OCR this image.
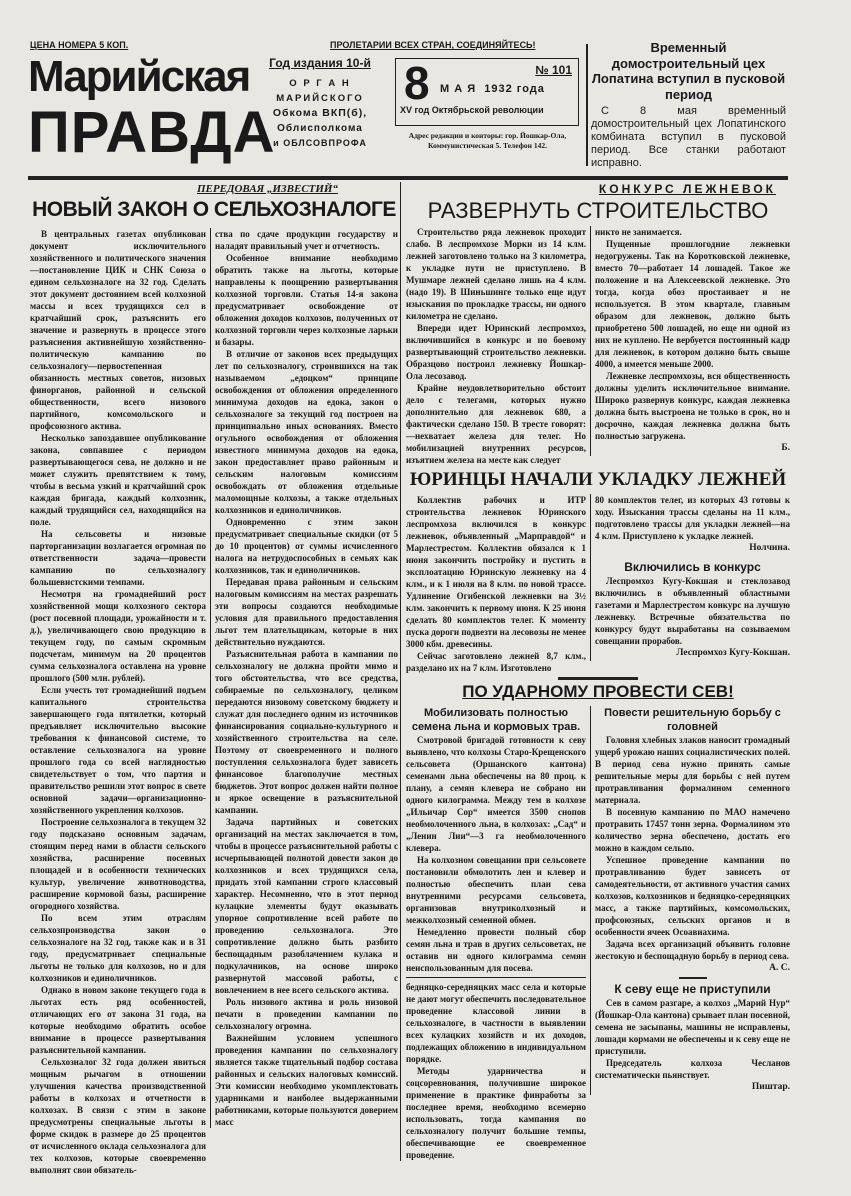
ЦЕНА НОМЕРА 5 КОП.	ПРОЛЕТАРИИ ВСЕХ СТРАН, СОЕДИНЯЙТЕСЬ!
Марийская
ПРАВДА
Год издания 10-й
О Р Г А Н
МАРИЙСКОГО
Обкома ВКП(б),
Облисполкома
и ОБЛСОВПРОФА
8	№ 101
М А Я  1932 года
XV год Октябрьской революции
Адрес редакции и конторы: гор. Йошкар-Ола, Коммунистическая 5. Телефон 142.
Временный домостроительный цех Лопатина вступил в пусковой период
С 8 мая временный домостроительный цех Лопатинского комбината вступил в пусковой период. Все станки работают исправно.
ПЕРЕДОВАЯ „ИЗВЕСТИЙ“
НОВЫЙ ЗАКОН О СЕЛЬХОЗНАЛОГЕ

В центральных газетах опубликован документ исключительного хозяйственного и политического значения—постановление ЦИК и СНК Союза о едином сельхозналоге на 32 год. Сделать этот документ достоянием всей колхозной массы и всех трудящихся сел в кратчайший срок, разъяснить его значение и развернуть в процессе этого разъяснения активнейшую хозяйственно-политическую кампанию по сельхозналогу—первостепенная обязанность местных советов, низовых финорганов, районной и сельской общественности, всего низового партийного, комсомольского и профсоюзного актива.

Несколько запоздавшее опубликование закона, совпавшее с периодом развертывающегося сева, не должно и не может служить препятствием к тому, чтобы в весьма узкий и кратчайший срок каждая бригада, каждый колхозник, каждый трудящийся сел, находящийся на поле.

На сельсоветы и низовые парторганизации возлагается огромная по ответственности задача—провести кампанию по сельхозналогу большевистскими темпами.

Несмотря на громаднейший рост хозяйственной мощи колхозного сектора (рост посевной площади, урожайности и т. д.), увеличивающего свою продукцию в текущем году, по самым скромным подсчетам, минимум на 20 процентов сумма сельхозналога оставлена на уровне прошлого (500 млн. рублей).

Если учесть тот громаднейший подъем капитального строительства завершающего года пятилетки, который предъявляет исключительно высокие требования к финансовой системе, то оставление сельхозналога на уровне прошлого года со всей наглядностью свидетельствует о том, что партия и правительство решили этот вопрос в свете основной задачи—организационно-хозяйственного укрепления колхозов.

Построение сельхозналога в текущем 32 году подсказано основным задачам, стоящим перед нами в области сельского хозяйства, расширение посевных площадей и в особенности технических культур, увеличение животноводства, расширение кормовой базы, расширение огородного хозяйства.

По всем этим отраслям сельхозпроизводства закон о сельхозналоге на 32 год, также как и в 31 году, предусматривает специальные льготы не только для колхозов, но и для колхозников и единоличников.

Однако в новом законе текущего года в льготах есть ряд особенностей, отличающих его от закона 31 года, на которые необходимо обратить особое внимание в процессе развертывания разъяснительной кампании.

Сельхозналог 32 года должен явиться мощным рычагом в отношении улучшения качества производственной работы в колхозах и отчетности в колхозах. В связи с этим в законе предусмотрены специальные льготы в форме скидок в размере до 25 процентов от исчисленного оклада сельхозналога для тех колхозов, которые своевременно выполнят свои обязатель-

ства по сдаче продукции государству и наладят правильный учет и отчетность.

Особенное внимание необходимо обратить также на льготы, которые направлены к поощрению развертывания колхозной торговли. Статья 14-я закона предусматривает освобождение от обложения доходов колхозов, полученных от колхозной торговли через колхозные ларьки и базары.

В отличие от законов всех предыдущих лет по сельхозналогу, строившихся на так называемом „едоцком“ принципе освобождения от обложения определенного минимума доходов на едока, закон о сельхозналоге за текущий год построен на принципиально иных основаниях. Вместо огульного освобождения от обложения известного минимума доходов на едока, закон предоставляет право районным и сельским налоговым комиссиям освобождать от обложения отдельные маломощные колхозы, а также отдельных колхозников и единоличников.

Одновременно с этим закон предусматривает специальные скидки (от 5 до 10 процентов) от суммы исчисленного налога на нетрудоспособных в семьях как колхозников, так и единоличников.

Передавая права районным и сельским налоговым комиссиям на местах разрешать эти вопросы создаются необходимые условия для правильного предоставления льгот тем плательщикам, которые в них действительно нуждаются.

Разъяснительная работа в кампании по сельхозналогу не должна пройти мимо и того обстоятельства, что все средства, собираемые по сельхозналогу, целиком передаются низовому советскому бюджету и служат для последнего одним из источников финансирования социально-культурного и хозяйственного строительства на селе. Поэтому от своевременного и полного поступления сельхозналога будет зависеть финансовое благополучие местных бюджетов. Этот вопрос должен найти полное и яркое освещение в разъяснительной кампании.

Задача партийных и советских организаций на местах заключается в том, чтобы в процессе разъяснительной работы с исчерпывающей полнотой довести закон до колхозников и всех трудящихся села, придать этой кампании строго классовый характер. Несомненно, что в этот период кулацкие элементы будут оказывать упорное сопротивление всей работе по проведению сельхозналога. Это сопротивление должно быть разбито беспощадным разоблачением кулака и подкулачников, на основе широко развернутой массовой работы, с вовлечением в нее всего сельского актива.

Роль низового актива и роль низовой печати в проведении кампании по сельхозналогу огромна.

Важнейшим условием успешного проведения кампании по сельхозналогу является также тщательный подбор состава районных и сельских налоговых комиссий. Эти комиссии необходимо укомплектовать ударниками и наиболее выдержанными работниками, которые пользуются доверием масс

КОНКУРС ЛЕЖНЕВОК
РАЗВЕРНУТЬ СТРОИТЕЛЬСТВО

Строительство ряда лежневок проходит слабо. В леспромхозе Морки из 14 клм. лежней заготовлено только на 3 километра, к укладке пути не приступлено. В Мушмаре лежней сделано лишь на 4 клм. (надо 19). В Шиньшинге только еще идут изыскания по прокладке трассы, ни одного километра не сделано.

Впереди идет Юринский леспромхоз, включившийся в конкурс и по боевому развертывающий строительство лежневки. Образцово построил лежневку Йошкар-Ола лесозавод.

Крайне неудовлетворительно обстоит дело с телегами, которых нужно дополнительно для лежневок 680, а фактически сделано 150. В тресте говорят: —нехватает железа для телег. Но мобилизацией внутренних ресурсов, изъятием железа на месте как следует

никто не занимается.

Пущенные прошлогодние лежневки недогружены. Так на Коротковской лежневке, вместо 70—работает 14 лошадей. Такое же положение и на Алексеевской лежневке. Это тогда, когда обоз простаивает и не используется. В этом квартале, главным образом для лежневок, должно быть приобретено 500 лошадей, но еще ни одной из них не куплено. Не вербуется постоянный кадр для лежневок, в котором должно быть свыше 4000, а имеется меньше 2000.

Лежневке леспромхозы, вся общественность должны уделить исключительное внимание. Широко развернув конкурс, каждая лежневка должна быть выстроена не только в срок, но и досрочно, каждая лежневка должна быть полностью загружена.

Б.
ЮРИНЦЫ НАЧАЛИ УКЛАДКУ ЛЕЖНЕЙ

Коллектив рабочих и ИТР строительства лежневок Юринского леспромхоза включился в конкурс лежневок, объявленный „Марправдой“ и Марлестрестом. Коллектив обязался к 1 июня закончить постройку и пустить в эксплоатацию Юринскую лежневку на 4 клм., и к 1 июля на 8 клм. по новой трассе. Удлинение Огибенской лежневки на 3½ клм. закончить к первому июня. К 25 июня сделать 80 комплектов телег. К моменту пуска дороги подвезти на лесовозы не менее 3000 кбм. древесины.

Сейчас заготовлено лежней 8,7 клм., разделано их на 7 клм. Изготовлено

80 комплектов телег, из которых 43 готовы к ходу. Изыскания трассы сделаны на 11 клм., подготовлено трассы для укладки лежней—на 4 клм. Приступлено к укладке лежней.

Нолчина.
Включились в конкурс

Леспромхоз Кугу-Кокшая и стеклозавод включились в объявленный областными газетами и Марлестрестом конкурс на лучшую лежневку. Встречные обязательства по конкурсу будут выработаны на созываемом совещании прорабов.

Леспромхоз Кугу-Кокшан.
ПО УДАРНОМУ ПРОВЕСТИ СЕВ!
Мобилизовать полностью семена льна и кормовых трав.

Смотровой бригадой готовности к севу выявлено, что колхозы Старо-Крещенского сельсовета (Оршанского кантона) семенами льна обеспечены на 80 проц. к плану, а семян клевера не собрано ни одного килограмма. Между тем в колхозе „Ильичар Сор“ имеется 3500 снопов необмолоченного льна, в колхозах: „Сад“ и „Ленин Лии“—3 га необмолоченного клевера.

На колхозном совещании при сельсовете постановили обмолотить лен и клевер и полностью обеспечить план сева внутренними ресурсами сельсовета, организовав внутриколхозный и межколхозный семенной обмен.

Немедленно провести полный сбор семян льна и трав в других сельсоветах, не оставив ни одного килограмма семян неиспользованным для посева.

бедняцко-середняцких масс села и которые не дают могут обеспечить последовательное проведение классовой линии в сельхозналоге, в частности в выявлении всех кулацких хозяйств и их доходов, подлежащих обложению в индивидуальном порядке.

Методы ударничества и соцсоревнования, получившие широкое применение в практике финработы за последнее время, необходимо всемерно использовать, тогда кампания по сельхозналогу получит большие темпы, обеспечивающие ее своевременное проведение.

Повести решительную борьбу с головней

Головня хлебных злаков наносит громадный ущерб урожаю наших социалистических полей. В период сева нужно принять самые решительные меры для борьбы с ней путем протравливания формалином семенного материала.

В посевную кампанию по МАО намечено протравить 17457 тонн зерна. Формалином это количество зерна обеспечено, достать его можно в каждом сельпо.

Успешное проведение кампании по протравливанию будет зависеть от самодеятельности, от активного участия самих колхозов, колхозников и бедняцко-середняцких масс, а также партийных, комсомольских, профсоюзных, сельских органов и в особенности ячеек Осоавиахима.

Задача всех организаций объявить головне жестокую и беспощадную борьбу в период сева.

А. С.
К севу еще не приступили

Сев в самом разгаре, а колхоз „Марий Нур“ (Йошкар-Ола кантона) срывает план посевной, семена не засыпаны, машины не исправлены, лошади кормами не обеспечены и к севу еще не приступили.

Председатель колхоза Чесланов систематически пьянствует.

Пиштар.
